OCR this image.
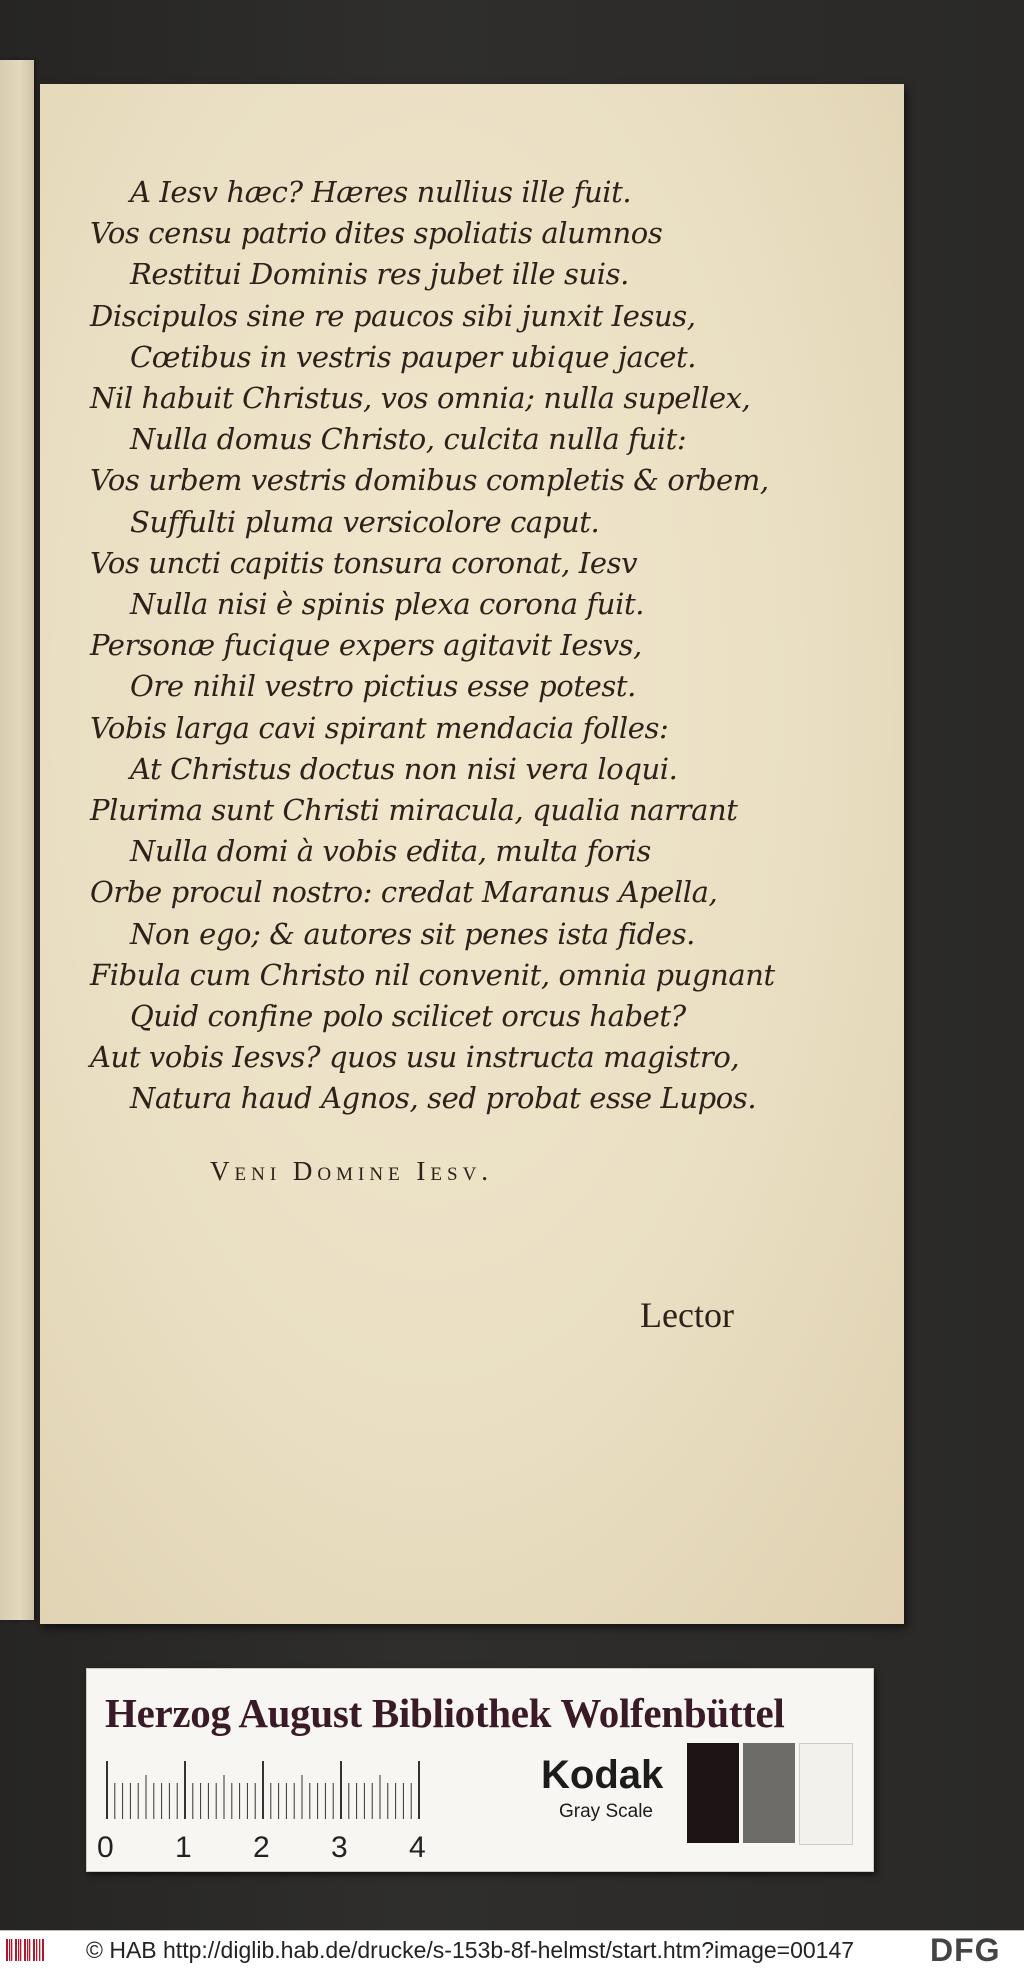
A Iesv hæc? Hæres nullius ille fuit.
Vos censu patrio dites spoliatis alumnos
Restitui Dominis res jubet ille suis.
Discipulos sine re paucos sibi junxit Iesus,
Cœtibus in vestris pauper ubique jacet.
Nil habuit Christus, vos omnia; nulla supellex,
Nulla domus Christo, culcita nulla fuit:
Vos urbem vestris domibus completis & orbem,
Suffulti pluma versicolore caput.
Vos uncti capitis tonsura coronat, Iesv
Nulla nisi è spinis plexa corona fuit.
Personæ fucique expers agitavit Iesvs,
Ore nihil vestro pictius esse potest.
Vobis larga cavi spirant mendacia folles:
At Christus doctus non nisi vera loqui.
Plurima sunt Christi miracula, qualia narrant
Nulla domi à vobis edita, multa foris
Orbe procul nostro: credat Maranus Apella,
Non ego; & autores sit penes ista fides.
Fibula cum Christo nil convenit, omnia pugnant
Quid confine polo scilicet orcus habet?
Aut vobis Iesvs? quos usu instructa magistro,
Natura haud Agnos, sed probat esse Lupos.
Veni Domine Iesv.
Lector
Herzog August Bibliothek Wolfenbüttel
0 1 2 3 4
Kodak
Gray Scale
© HAB http://diglib.hab.de/drucke/s-153b-8f-helmst/start.htm?image=00147 DFG
